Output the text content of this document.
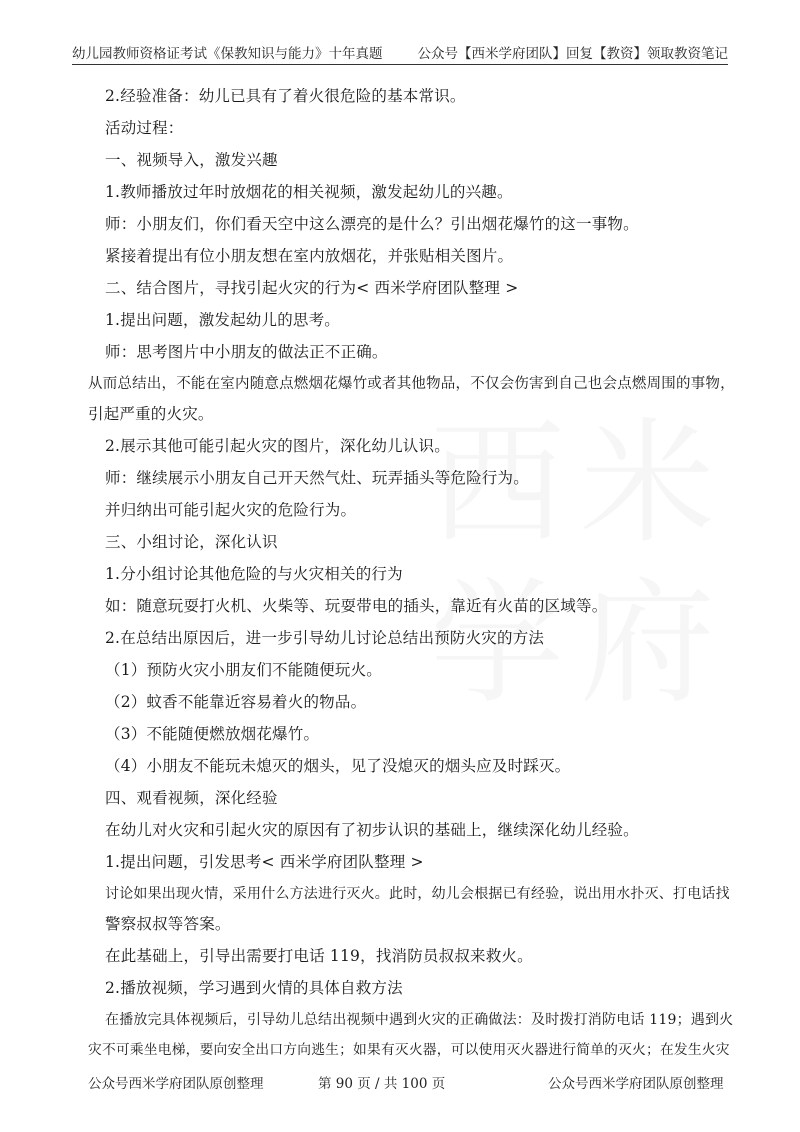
幼儿园教师资格证考试《保教知识与能力》十年真题	公众号【西米学府团队】回复【教资】领取教资笔记
西 米
学 府
2.经验准备：幼儿已具有了着火很危险的基本常识。
活动过程：
一、视频导入，激发兴趣
1.教师播放过年时放烟花的相关视频，激发起幼儿的兴趣。
师：小朋友们，你们看天空中这么漂亮的是什么？引出烟花爆竹的这一事物。
紧接着提出有位小朋友想在室内放烟花，并张贴相关图片。
二、结合图片，寻找引起火灾的行为< 西米学府团队整理 >
1.提出问题，激发起幼儿的思考。
师：思考图片中小朋友的做法正不正确。
从而总结出，不能在室内随意点燃烟花爆竹或者其他物品，不仅会伤害到自己也会点燃周围的事物，
引起严重的火灾。
2.展示其他可能引起火灾的图片，深化幼儿认识。
师：继续展示小朋友自己开天然气灶、玩弄插头等危险行为。
并归纳出可能引起火灾的危险行为。
三、小组讨论，深化认识
1.分小组讨论其他危险的与火灾相关的行为
如：随意玩耍打火机、火柴等、玩耍带电的插头，靠近有火苗的区域等。
2.在总结出原因后，进一步引导幼儿讨论总结出预防火灾的方法
（1）预防火灾小朋友们不能随便玩火。
（2）蚊香不能靠近容易着火的物品。
（3）不能随便燃放烟花爆竹。
（4）小朋友不能玩未熄灭的烟头，见了没熄灭的烟头应及时踩灭。
四、观看视频，深化经验
在幼儿对火灾和引起火灾的原因有了初步认识的基础上，继续深化幼儿经验。
1.提出问题，引发思考< 西米学府团队整理 >
讨论如果出现火情，采用什么方法进行灭火。此时，幼儿会根据已有经验，说出用水扑灭、打电话找
警察叔叔等答案。
在此基础上，引导出需要打电话 119，找消防员叔叔来救火。
2.播放视频，学习遇到火情的具体自救方法
在播放完具体视频后，引导幼儿总结出视频中遇到火灾的正确做法：及时拨打消防电话 119；遇到火
灾不可乘坐电梯，要向安全出口方向逃生；如果有灭火器，可以使用灭火器进行简单的灭火；在发生火灾
公众号西米学府团队原创整理	第 90 页 / 共 100 页	公众号西米学府团队原创整理
